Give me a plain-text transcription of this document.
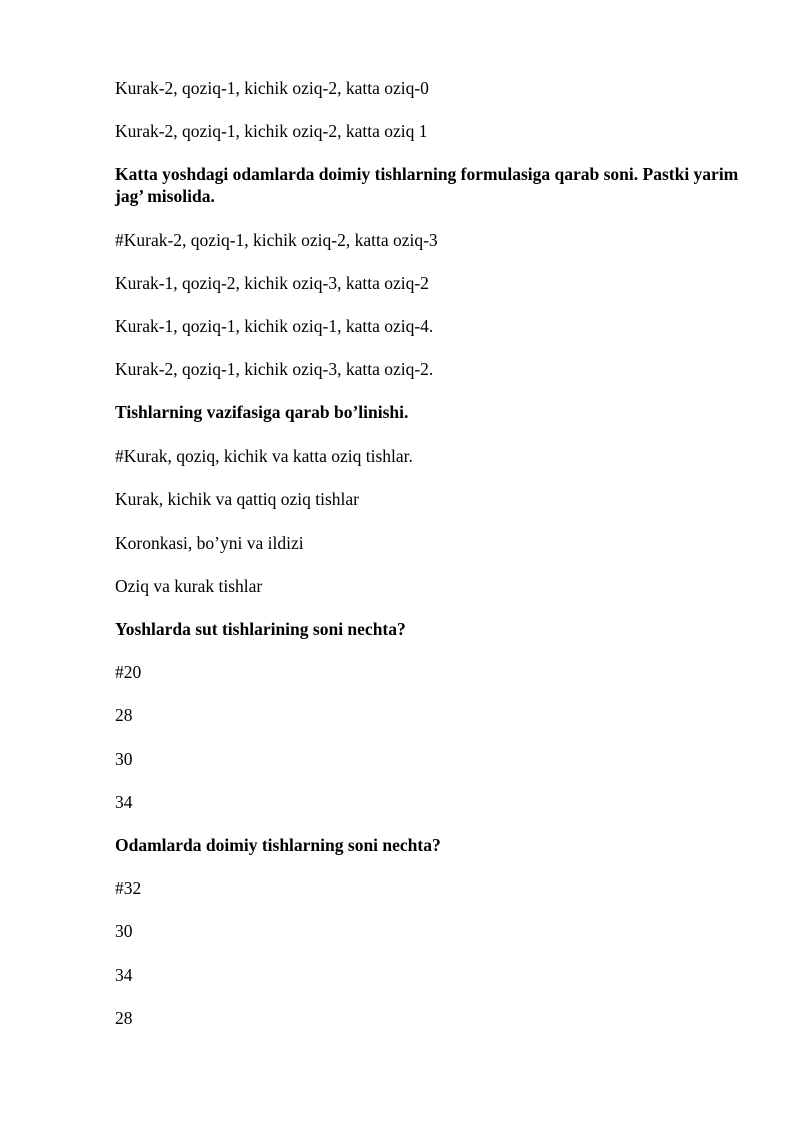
Kurak-2, qoziq-1, kichik oziq-2, katta oziq-0
Kurak-2, qoziq-1, kichik oziq-2, katta oziq 1
Katta yoshdagi odamlarda doimiy tishlarning formulasiga qarab soni. Pastki yarim jag’ misolida.
#Kurak-2, qoziq-1, kichik oziq-2, katta oziq-3
Kurak-1, qoziq-2, kichik oziq-3, katta oziq-2
Kurak-1, qoziq-1, kichik oziq-1, katta oziq-4.
Kurak-2, qoziq-1, kichik oziq-3, katta oziq-2.
Tishlarning vazifasiga qarab bo’linishi.
#Kurak, qoziq, kichik va katta oziq tishlar.
Kurak, kichik va qattiq oziq tishlar
Koronkasi, bo’yni va ildizi
Oziq va kurak tishlar
Yoshlarda sut tishlarining soni nechta?
#20
28
30
34
Odamlarda doimiy tishlarning soni nechta?
#32
30
34
28
